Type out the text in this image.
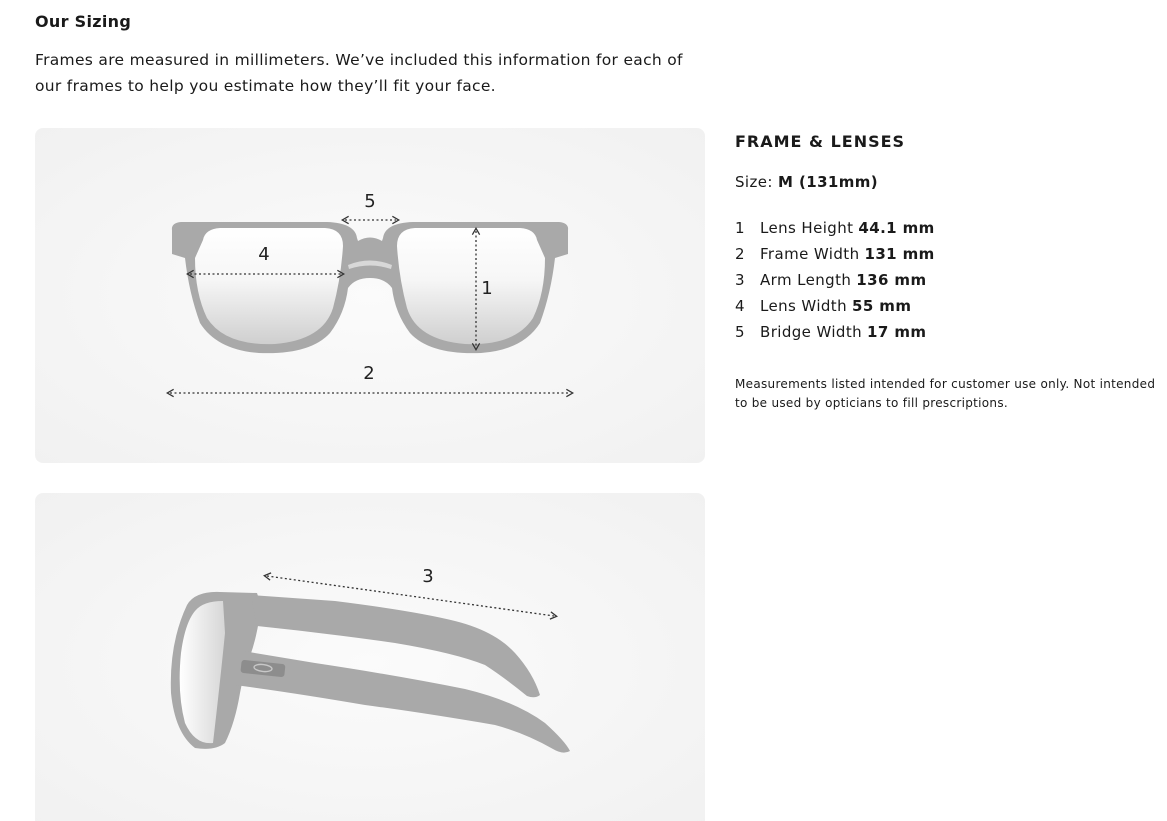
Our Sizing
Frames are measured in millimeters. We’ve included this information for each of our frames to help you estimate how they’ll fit your face.
5
4
1
2
3
FRAME & LENSES
Size: M (131mm)
1	Lens Height 44.1 mm
2	Frame Width 131 mm
3	Arm Length 136 mm
4	Lens Width 55 mm
5	Bridge Width 17 mm
Measurements listed intended for customer use only. Not intended to be used by opticians to fill prescriptions.
